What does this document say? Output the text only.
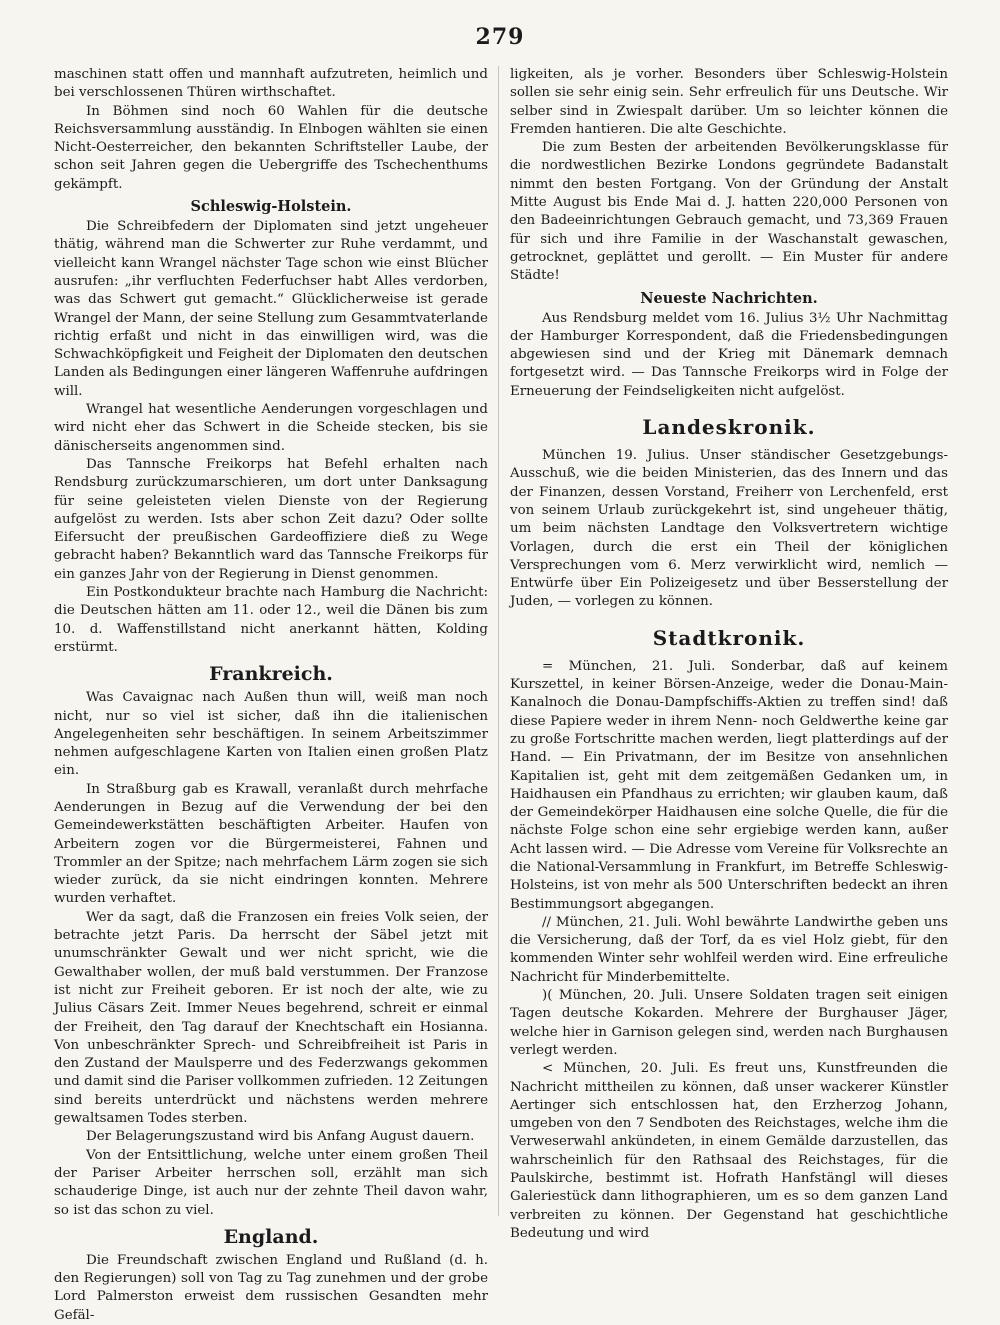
279

maschinen statt offen und mannhaft aufzutreten, heimlich und bei verschlossenen Thüren wirthschaftet.

In Böhmen sind noch 60 Wahlen für die deutsche Reichsversammlung ausständig. In Elnbogen wählten sie einen Nicht-Oesterreicher, den bekannten Schriftsteller Laube, der schon seit Jahren gegen die Uebergriffe des Tschechenthums gekämpft.

Schleswig-Holstein.

Die Schreibfedern der Diplomaten sind jetzt ungeheuer thätig, während man die Schwerter zur Ruhe verdammt, und vielleicht kann Wrangel nächster Tage schon wie einst Blücher ausrufen: „ihr verfluchten Federfuchser habt Alles verdorben, was das Schwert gut gemacht.“ Glücklicherweise ist gerade Wrangel der Mann, der seine Stellung zum Gesammtvaterlande richtig erfaßt und nicht in das einwilligen wird, was die Schwachköpfigkeit und Feigheit der Diplomaten den deutschen Landen als Bedingungen einer längeren Waffenruhe aufdringen will.

Wrangel hat wesentliche Aenderungen vorgeschlagen und wird nicht eher das Schwert in die Scheide stecken, bis sie dänischerseits angenommen sind.

Das Tannsche Freikorps hat Befehl erhalten nach Rendsburg zurückzumarschieren, um dort unter Danksagung für seine geleisteten vielen Dienste von der Regierung aufgelöst zu werden. Ists aber schon Zeit dazu? Oder sollte Eifersucht der preußischen Gardeoffiziere dieß zu Wege gebracht haben? Bekanntlich ward das Tannsche Freikorps für ein ganzes Jahr von der Regierung in Dienst genommen.

Ein Postkondukteur brachte nach Hamburg die Nachricht: die Deutschen hätten am 11. oder 12., weil die Dänen bis zum 10. d. Waffenstillstand nicht anerkannt hätten, Kolding erstürmt.

Frankreich.

Was Cavaignac nach Außen thun will, weiß man noch nicht, nur so viel ist sicher, daß ihn die italienischen Angelegenheiten sehr beschäftigen. In seinem Arbeitszimmer nehmen aufgeschlagene Karten von Italien einen großen Platz ein.

In Straßburg gab es Krawall, veranlaßt durch mehrfache Aenderungen in Bezug auf die Verwendung der bei den Gemeindewerkstätten beschäftigten Arbeiter. Haufen von Arbeitern zogen vor die Bürgermeisterei, Fahnen und Trommler an der Spitze; nach mehrfachem Lärm zogen sie sich wieder zurück, da sie nicht eindringen konnten. Mehrere wurden verhaftet.

Wer da sagt, daß die Franzosen ein freies Volk seien, der betrachte jetzt Paris. Da herrscht der Säbel jetzt mit unumschränkter Gewalt und wer nicht spricht, wie die Gewalthaber wollen, der muß bald verstummen. Der Franzose ist nicht zur Freiheit geboren. Er ist noch der alte, wie zu Julius Cäsars Zeit. Immer Neues begehrend, schreit er einmal der Freiheit, den Tag darauf der Knechtschaft ein Hosianna. Von unbeschränkter Sprech- und Schreibfreiheit ist Paris in den Zustand der Maulsperre und des Federzwangs gekommen und damit sind die Pariser vollkommen zufrieden. 12 Zeitungen sind bereits unterdrückt und nächstens werden mehrere gewaltsamen Todes sterben.

Der Belagerungszustand wird bis Anfang August dauern.

Von der Entsittlichung, welche unter einem großen Theil der Pariser Arbeiter herrschen soll, erzählt man sich schauderige Dinge, ist auch nur der zehnte Theil davon wahr, so ist das schon zu viel.

England.

Die Freundschaft zwischen England und Rußland (d. h. den Regierungen) soll von Tag zu Tag zunehmen und der grobe Lord Palmerston erweist dem russischen Gesandten mehr Gefäl-

ligkeiten, als je vorher. Besonders über Schleswig-Holstein sollen sie sehr einig sein. Sehr erfreulich für uns Deutsche. Wir selber sind in Zwiespalt darüber. Um so leichter können die Fremden hantieren. Die alte Geschichte.

Die zum Besten der arbeitenden Bevölkerungsklasse für die nordwestlichen Bezirke Londons gegründete Badanstalt nimmt den besten Fortgang. Von der Gründung der Anstalt Mitte August bis Ende Mai d. J. hatten 220,000 Personen von den Badeeinrichtungen Gebrauch gemacht, und 73,369 Frauen für sich und ihre Familie in der Waschanstalt gewaschen, getrocknet, geplättet und gerollt. — Ein Muster für andere Städte!

Neueste Nachrichten.

Aus Rendsburg meldet vom 16. Julius 3½ Uhr Nachmittag der Hamburger Korrespondent, daß die Friedensbedingungen abgewiesen sind und der Krieg mit Dänemark demnach fortgesetzt wird. — Das Tannsche Freikorps wird in Folge der Erneuerung der Feindseligkeiten nicht aufgelöst.

Landeskronik.

München 19. Julius. Unser ständischer Gesetzgebungs-Ausschuß, wie die beiden Ministerien, das des Innern und das der Finanzen, dessen Vorstand, Freiherr von Lerchenfeld, erst von seinem Urlaub zurückgekehrt ist, sind ungeheuer thätig, um beim nächsten Landtage den Volksvertretern wichtige Vorlagen, durch die erst ein Theil der königlichen Versprechungen vom 6. Merz verwirklicht wird, nemlich — Entwürfe über Ein Polizeigesetz und über Besserstellung der Juden, — vorlegen zu können.

Stadtkronik.

= München, 21. Juli. Sonderbar, daß auf keinem Kurszettel, in keiner Börsen-Anzeige, weder die Donau-Main-Kanalnoch die Donau-Dampfschiffs-Aktien zu treffen sind! daß diese Papiere weder in ihrem Nenn- noch Geldwerthe keine gar zu große Fortschritte machen werden, liegt platterdings auf der Hand. — Ein Privatmann, der im Besitze von ansehnlichen Kapitalien ist, geht mit dem zeitgemäßen Gedanken um, in Haidhausen ein Pfandhaus zu errichten; wir glauben kaum, daß der Gemeindekörper Haidhausen eine solche Quelle, die für die nächste Folge schon eine sehr ergiebige werden kann, außer Acht lassen wird. — Die Adresse vom Vereine für Volksrechte an die National-Versammlung in Frankfurt, im Betreffe Schleswig-Holsteins, ist von mehr als 500 Unterschriften bedeckt an ihren Bestimmungsort abgegangen.

// München, 21. Juli. Wohl bewährte Landwirthe geben uns die Versicherung, daß der Torf, da es viel Holz giebt, für den kommenden Winter sehr wohlfeil werden wird. Eine erfreuliche Nachricht für Minderbemittelte.

)( München, 20. Juli. Unsere Soldaten tragen seit einigen Tagen deutsche Kokarden. Mehrere der Burghauser Jäger, welche hier in Garnison gelegen sind, werden nach Burghausen verlegt werden.

< München, 20. Juli. Es freut uns, Kunstfreunden die Nachricht mittheilen zu können, daß unser wackerer Künstler Aertinger sich entschlossen hat, den Erzherzog Johann, umgeben von den 7 Sendboten des Reichstages, welche ihm die Verweserwahl ankündeten, in einem Gemälde darzustellen, das wahrscheinlich für den Rathsaal des Reichstages, für die Paulskirche, bestimmt ist. Hofrath Hanfstängl will dieses Galeriestück dann lithographieren, um es so dem ganzen Land verbreiten zu können. Der Gegenstand hat geschichtliche Bedeutung und wird
